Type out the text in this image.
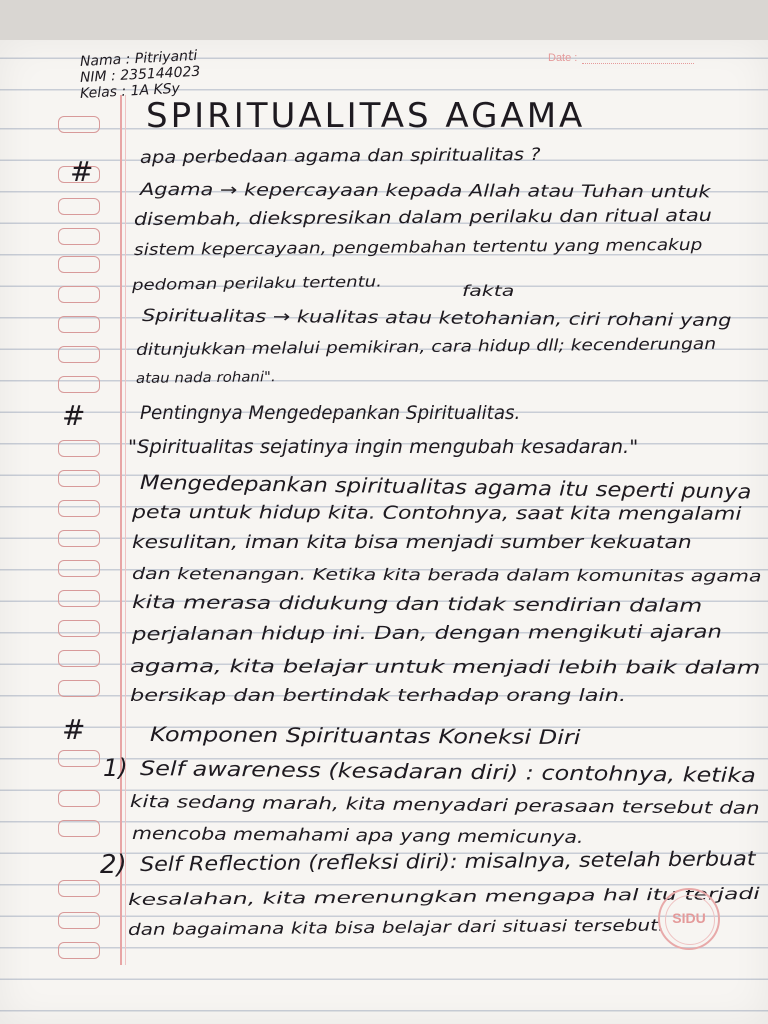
Nama : Pitriyanti
NIM : 235144023
Kelas : 1A KSy
Date :
SPIRITUALITAS AGAMA
#
#
#
1)
2)
apa perbedaan agama dan spiritualitas ?
Agama → kepercayaan kepada Allah atau Tuhan untuk
disembah, diekspresikan dalam perilaku dan ritual atau
sistem kepercayaan, pengembahan tertentu yang mencakup
pedoman perilaku tertentu.	fakta
Spiritualitas → kualitas atau ketohanian, ciri rohani yang
ditunjukkan melalui pemikiran, cara hidup dll; kecenderungan
atau nada rohani".
Pentingnya Mengedepankan Spiritualitas.
"Spiritualitas sejatinya ingin mengubah kesadaran."
Mengedepankan spiritualitas agama itu seperti punya
peta untuk hidup kita. Contohnya, saat kita mengalami
kesulitan, iman kita bisa menjadi sumber kekuatan
dan ketenangan. Ketika kita berada dalam komunitas agama
kita merasa didukung dan tidak sendirian dalam
perjalanan hidup ini. Dan, dengan mengikuti ajaran
agama, kita belajar untuk menjadi lebih baik dalam
bersikap dan bertindak terhadap orang lain.
Komponen Spirituantas Koneksi Diri
Self awareness (kesadaran diri) : contohnya, ketika
kita sedang marah, kita menyadari perasaan tersebut dan
mencoba memahami apa yang memicunya.
Self Reflection (refleksi diri): misalnya, setelah berbuat
kesalahan, kita merenungkan mengapa hal itu terjadi
dan bagaimana kita bisa belajar dari situasi tersebut. SIDU
